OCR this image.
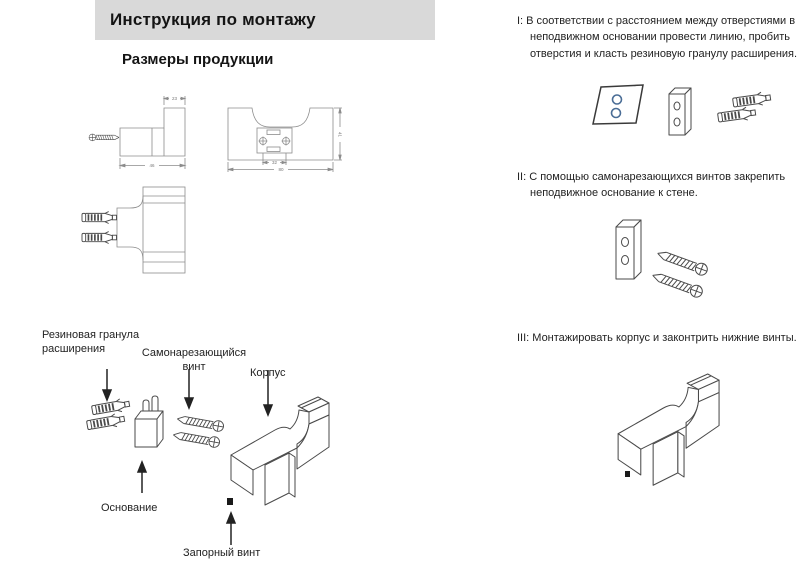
Инструкция по монтажу
Размеры продукции
23
46
41
32
80
Резиновая гранула расширения	Самонарезающийся винт	Корпус
Основание
Запорный винт

I: В соответствии с расстоянием между отверстиями в неподвижном основании провести линию, пробить отверстия и класть резиновую гранулу расширения.

II: С помощью самонарезающихся винтов закрепить неподвижное основание к стене.

III: Монтажировать корпус и законтрить нижние винты.
